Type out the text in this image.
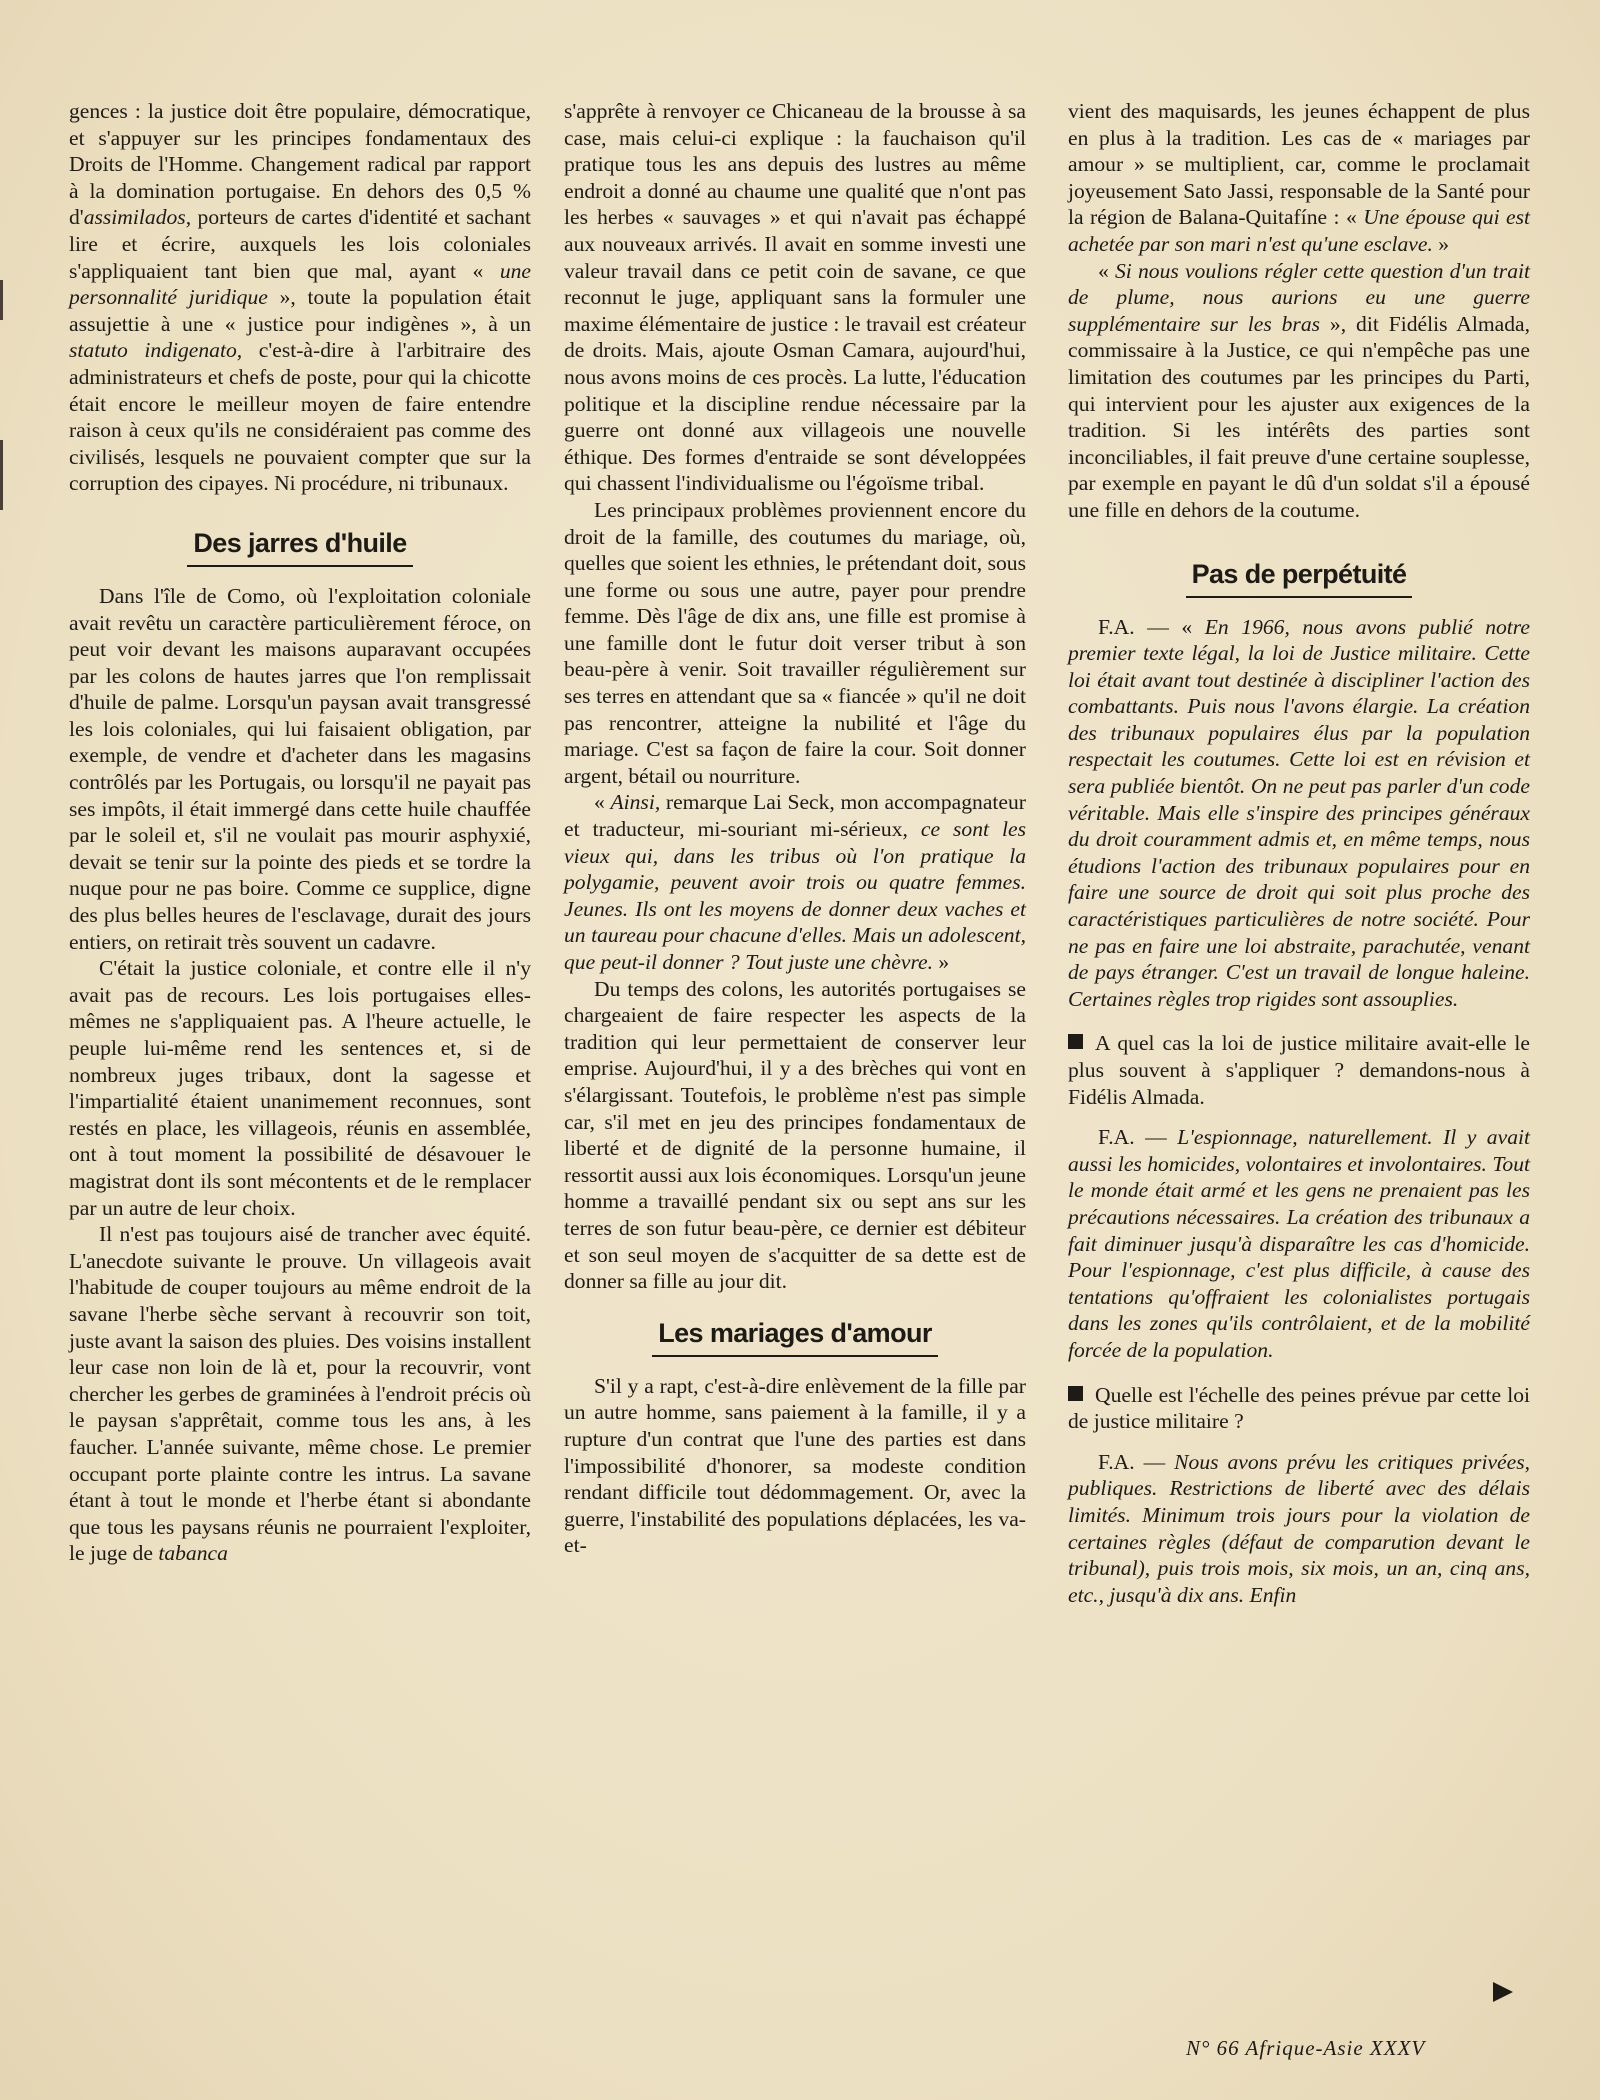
gences : la justice doit être populaire, démocratique, et s'appuyer sur les principes fondamentaux des Droits de l'Homme. Changement radical par rapport à la domination portugaise. En dehors des 0,5 % d'assimilados, porteurs de cartes d'identité et sachant lire et écrire, auxquels les lois coloniales s'appliquaient tant bien que mal, ayant « une personnalité juridique », toute la population était assujettie à une « justice pour indigènes », à un statuto indigenato, c'est-à-dire à l'arbitraire des administrateurs et chefs de poste, pour qui la chicotte était encore le meilleur moyen de faire entendre raison à ceux qu'ils ne considéraient pas comme des civilisés, lesquels ne pouvaient compter que sur la corruption des cipayes. Ni procédure, ni tribunaux.

Des jarres d'huile

Dans l'île de Como, où l'exploitation coloniale avait revêtu un caractère particulièrement féroce, on peut voir devant les maisons auparavant occupées par les colons de hautes jarres que l'on remplissait d'huile de palme. Lorsqu'un paysan avait transgressé les lois coloniales, qui lui faisaient obligation, par exemple, de vendre et d'acheter dans les magasins contrôlés par les Portugais, ou lorsqu'il ne payait pas ses impôts, il était immergé dans cette huile chauffée par le soleil et, s'il ne voulait pas mourir asphyxié, devait se tenir sur la pointe des pieds et se tordre la nuque pour ne pas boire. Comme ce supplice, digne des plus belles heures de l'esclavage, durait des jours entiers, on retirait très souvent un cadavre.

C'était la justice coloniale, et contre elle il n'y avait pas de recours. Les lois portugaises elles-mêmes ne s'appliquaient pas. A l'heure actuelle, le peuple lui-même rend les sentences et, si de nombreux juges tribaux, dont la sagesse et l'impartialité étaient unanimement reconnues, sont restés en place, les villageois, réunis en assemblée, ont à tout moment la possibilité de désavouer le magistrat dont ils sont mécontents et de le remplacer par un autre de leur choix.

Il n'est pas toujours aisé de trancher avec équité. L'anecdote suivante le prouve. Un villageois avait l'habitude de couper toujours au même endroit de la savane l'herbe sèche servant à recouvrir son toit, juste avant la saison des pluies. Des voisins installent leur case non loin de là et, pour la recouvrir, vont chercher les gerbes de graminées à l'endroit précis où le paysan s'apprêtait, comme tous les ans, à les faucher. L'année suivante, même chose. Le premier occupant porte plainte contre les intrus. La savane étant à tout le monde et l'herbe étant si abondante que tous les paysans réunis ne pourraient l'exploiter, le juge de tabanca

s'apprête à renvoyer ce Chicaneau de la brousse à sa case, mais celui-ci explique : la fauchaison qu'il pratique tous les ans depuis des lustres au même endroit a donné au chaume une qualité que n'ont pas les herbes « sauvages » et qui n'avait pas échappé aux nouveaux arrivés. Il avait en somme investi une valeur travail dans ce petit coin de savane, ce que reconnut le juge, appliquant sans la formuler une maxime élémentaire de justice : le travail est créateur de droits. Mais, ajoute Osman Camara, aujourd'hui, nous avons moins de ces procès. La lutte, l'éducation politique et la discipline rendue nécessaire par la guerre ont donné aux villageois une nouvelle éthique. Des formes d'entraide se sont développées qui chassent l'individualisme ou l'égoïsme tribal.

Les principaux problèmes proviennent encore du droit de la famille, des coutumes du mariage, où, quelles que soient les ethnies, le prétendant doit, sous une forme ou sous une autre, payer pour prendre femme. Dès l'âge de dix ans, une fille est promise à une famille dont le futur doit verser tribut à son beau-père à venir. Soit travailler régulièrement sur ses terres en attendant que sa « fiancée » qu'il ne doit pas rencontrer, atteigne la nubilité et l'âge du mariage. C'est sa façon de faire la cour. Soit donner argent, bétail ou nourriture.

« Ainsi, remarque Lai Seck, mon accompagnateur et traducteur, mi-souriant mi-sérieux, ce sont les vieux qui, dans les tribus où l'on pratique la polygamie, peuvent avoir trois ou quatre femmes. Jeunes. Ils ont les moyens de donner deux vaches et un taureau pour chacune d'elles. Mais un adolescent, que peut-il donner ? Tout juste une chèvre. »

Du temps des colons, les autorités portugaises se chargeaient de faire respecter les aspects de la tradition qui leur permettaient de conserver leur emprise. Aujourd'hui, il y a des brèches qui vont en s'élargissant. Toutefois, le problème n'est pas simple car, s'il met en jeu des principes fondamentaux de liberté et de dignité de la personne humaine, il ressortit aussi aux lois économiques. Lorsqu'un jeune homme a travaillé pendant six ou sept ans sur les terres de son futur beau-père, ce dernier est débiteur et son seul moyen de s'acquitter de sa dette est de donner sa fille au jour dit.

Les mariages d'amour

S'il y a rapt, c'est-à-dire enlèvement de la fille par un autre homme, sans paiement à la famille, il y a rupture d'un contrat que l'une des parties est dans l'impossibilité d'honorer, sa modeste condition rendant difficile tout dédommagement. Or, avec la guerre, l'instabilité des populations déplacées, les va-et-

vient des maquisards, les jeunes échappent de plus en plus à la tradition. Les cas de « mariages par amour » se multiplient, car, comme le proclamait joyeusement Sato Jassi, responsable de la Santé pour la région de Balana-Quitafíne : « Une épouse qui est achetée par son mari n'est qu'une esclave. »

« Si nous voulions régler cette question d'un trait de plume, nous aurions eu une guerre supplémentaire sur les bras », dit Fidélis Almada, commissaire à la Justice, ce qui n'empêche pas une limitation des coutumes par les principes du Parti, qui intervient pour les ajuster aux exigences de la tradition. Si les intérêts des parties sont inconciliables, il fait preuve d'une certaine souplesse, par exemple en payant le dû d'un soldat s'il a épousé une fille en dehors de la coutume.

Pas de perpétuité

F.A. — « En 1966, nous avons publié notre premier texte légal, la loi de Justice militaire. Cette loi était avant tout destinée à discipliner l'action des combattants. Puis nous l'avons élargie. La création des tribunaux populaires élus par la population respectait les coutumes. Cette loi est en révision et sera publiée bientôt. On ne peut pas parler d'un code véritable. Mais elle s'inspire des principes généraux du droit couramment admis et, en même temps, nous étudions l'action des tribunaux populaires pour en faire une source de droit qui soit plus proche des caractéristiques particulières de notre société. Pour ne pas en faire une loi abstraite, parachutée, venant de pays étranger. C'est un travail de longue haleine. Certaines règles trop rigides sont assouplies.

A quel cas la loi de justice militaire avait-elle le plus souvent à s'appliquer ? demandons-nous à Fidélis Almada.

F.A. — L'espionnage, naturellement. Il y avait aussi les homicides, volontaires et involontaires. Tout le monde était armé et les gens ne prenaient pas les précautions nécessaires. La création des tribunaux a fait diminuer jusqu'à disparaître les cas d'homicide. Pour l'espionnage, c'est plus difficile, à cause des tentations qu'offraient les colonialistes portugais dans les zones qu'ils contrôlaient, et de la mobilité forcée de la population.

Quelle est l'échelle des peines prévue par cette loi de justice militaire ?

F.A. — Nous avons prévu les critiques privées, publiques. Restrictions de liberté avec des délais limités. Minimum trois jours pour la violation de certaines règles (défaut de comparution devant le tribunal), puis trois mois, six mois, un an, cinq ans, etc., jusqu'à dix ans. Enfin

N° 66 Afrique-Asie XXXV
